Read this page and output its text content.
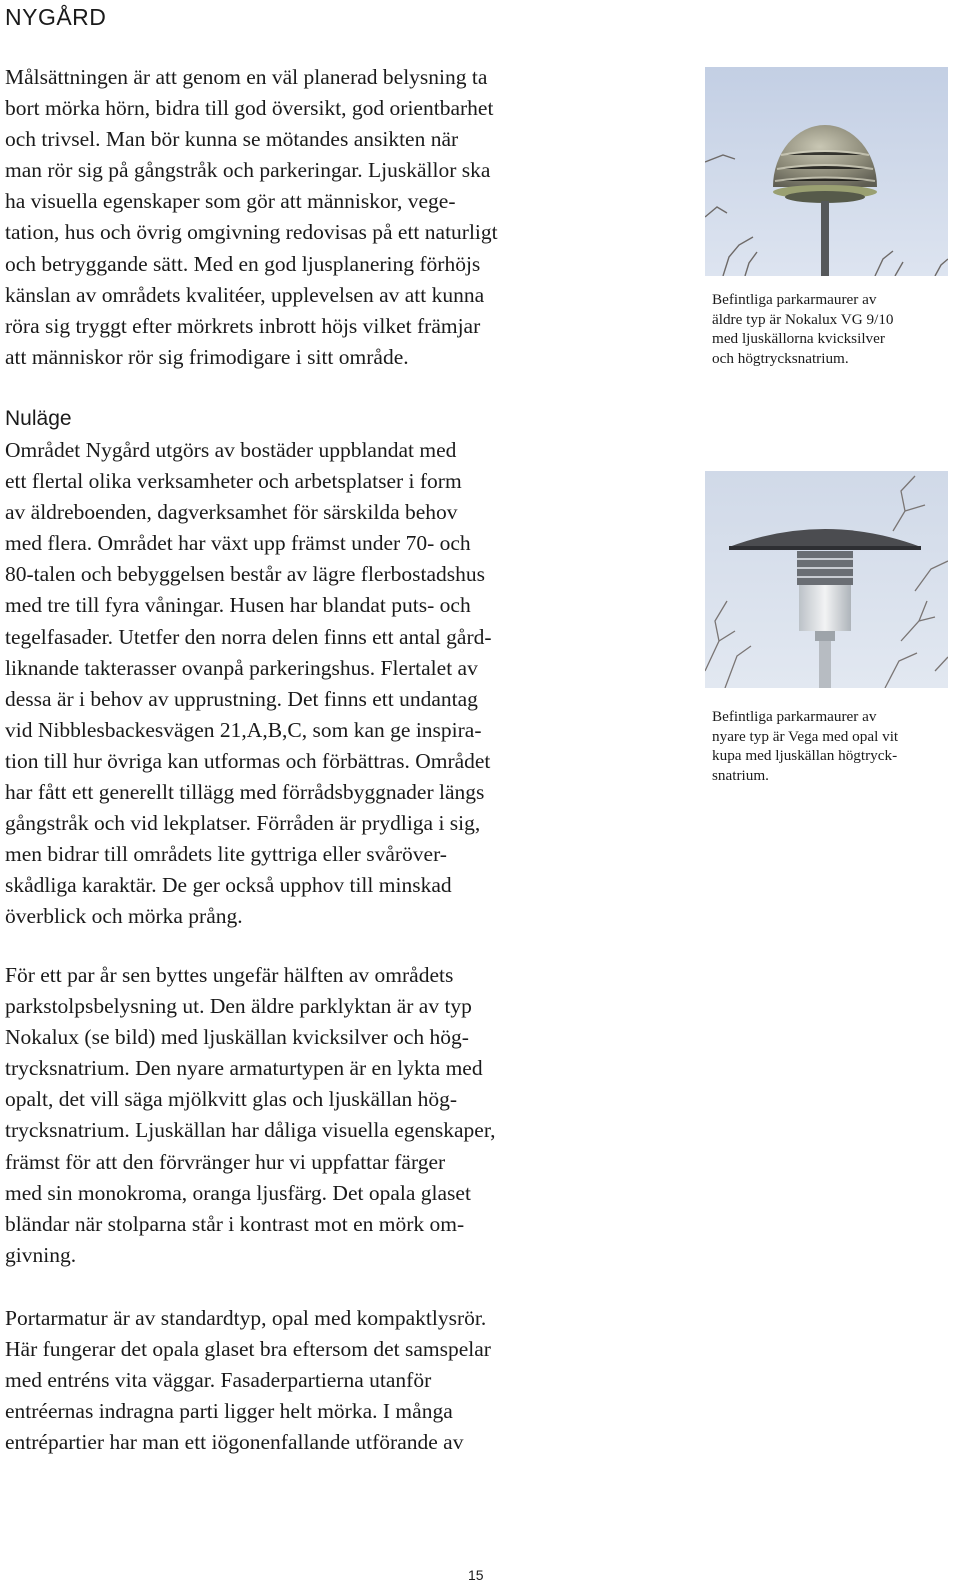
NYGÅRD

Målsättningen är att genom en väl planerad belysning ta
bort mörka hörn, bidra till god översikt, god orientbarhet
och trivsel. Man bör kunna se mötandes ansikten när
man rör sig på gångstråk och parkeringar. Ljuskällor ska
ha visuella egenskaper som gör att människor, vege-
tation, hus och övrig omgivning redovisas på ett naturligt
och betryggande sätt. Med en god ljusplanering förhöjs
känslan av områdets kvalitéer, upplevelsen av att kunna
röra sig tryggt efter mörkrets inbrott höjs vilket främjar
att människor rör sig frimodigare i sitt område.

Nuläge

Området Nygård utgörs av bostäder uppblandat med
ett flertal olika verksamheter och arbetsplatser i form
av äldreboenden, dagverksamhet för särskilda behov
med flera. Området har växt upp främst under 70- och
80-talen och bebyggelsen består av lägre flerbostadshus
med tre till fyra våningar. Husen har blandat puts- och
tegelfasader. Utetfer den norra delen finns ett antal gård-
liknande takterasser ovanpå parkeringshus. Flertalet av
dessa är i behov av upprustning. Det finns ett undantag
vid Nibblesbackesvägen 21,A,B,C, som kan ge inspira-
tion till hur övriga kan utformas och förbättras. Området
har fått ett generellt tillägg med förrådsbyggnader längs
gångstråk och vid lekplatser. Förråden är prydliga i sig,
men bidrar till områdets lite gyttriga eller svåröver-
skådliga karaktär. De ger också upphov till minskad
överblick och mörka prång.

För ett par år sen byttes ungefär hälften av områdets
parkstolpsbelysning ut. Den äldre parklyktan är av typ
Nokalux (se bild) med ljuskällan kvicksilver och hög-
trycksnatrium. Den nyare armaturtypen är en lykta med
opalt, det vill säga mjölkvitt glas och ljuskällan hög-
trycksnatrium. Ljuskällan har dåliga visuella egenskaper,
främst för att den förvränger hur vi uppfattar färger
med sin monokroma, oranga ljusfärg. Det opala glaset
bländar när stolparna står i kontrast mot en mörk om-
givning.

Portarmatur är av standardtyp, opal med kompaktlysrör.
Här fungerar det opala glaset bra eftersom det samspelar
med entréns vita väggar. Fasaderpartierna utanför
entréernas indragna parti ligger helt mörka. I många
entrépartier har man ett iögonenfallande utförande av

Befintliga parkarmaurer av
äldre typ är Nokalux VG 9/10
med ljuskällorna kvicksilver
och högtrycksnatrium.
Befintliga parkarmaurer av
nyare typ är Vega med opal vit
kupa med ljuskällan högtryck-
snatrium.
15
